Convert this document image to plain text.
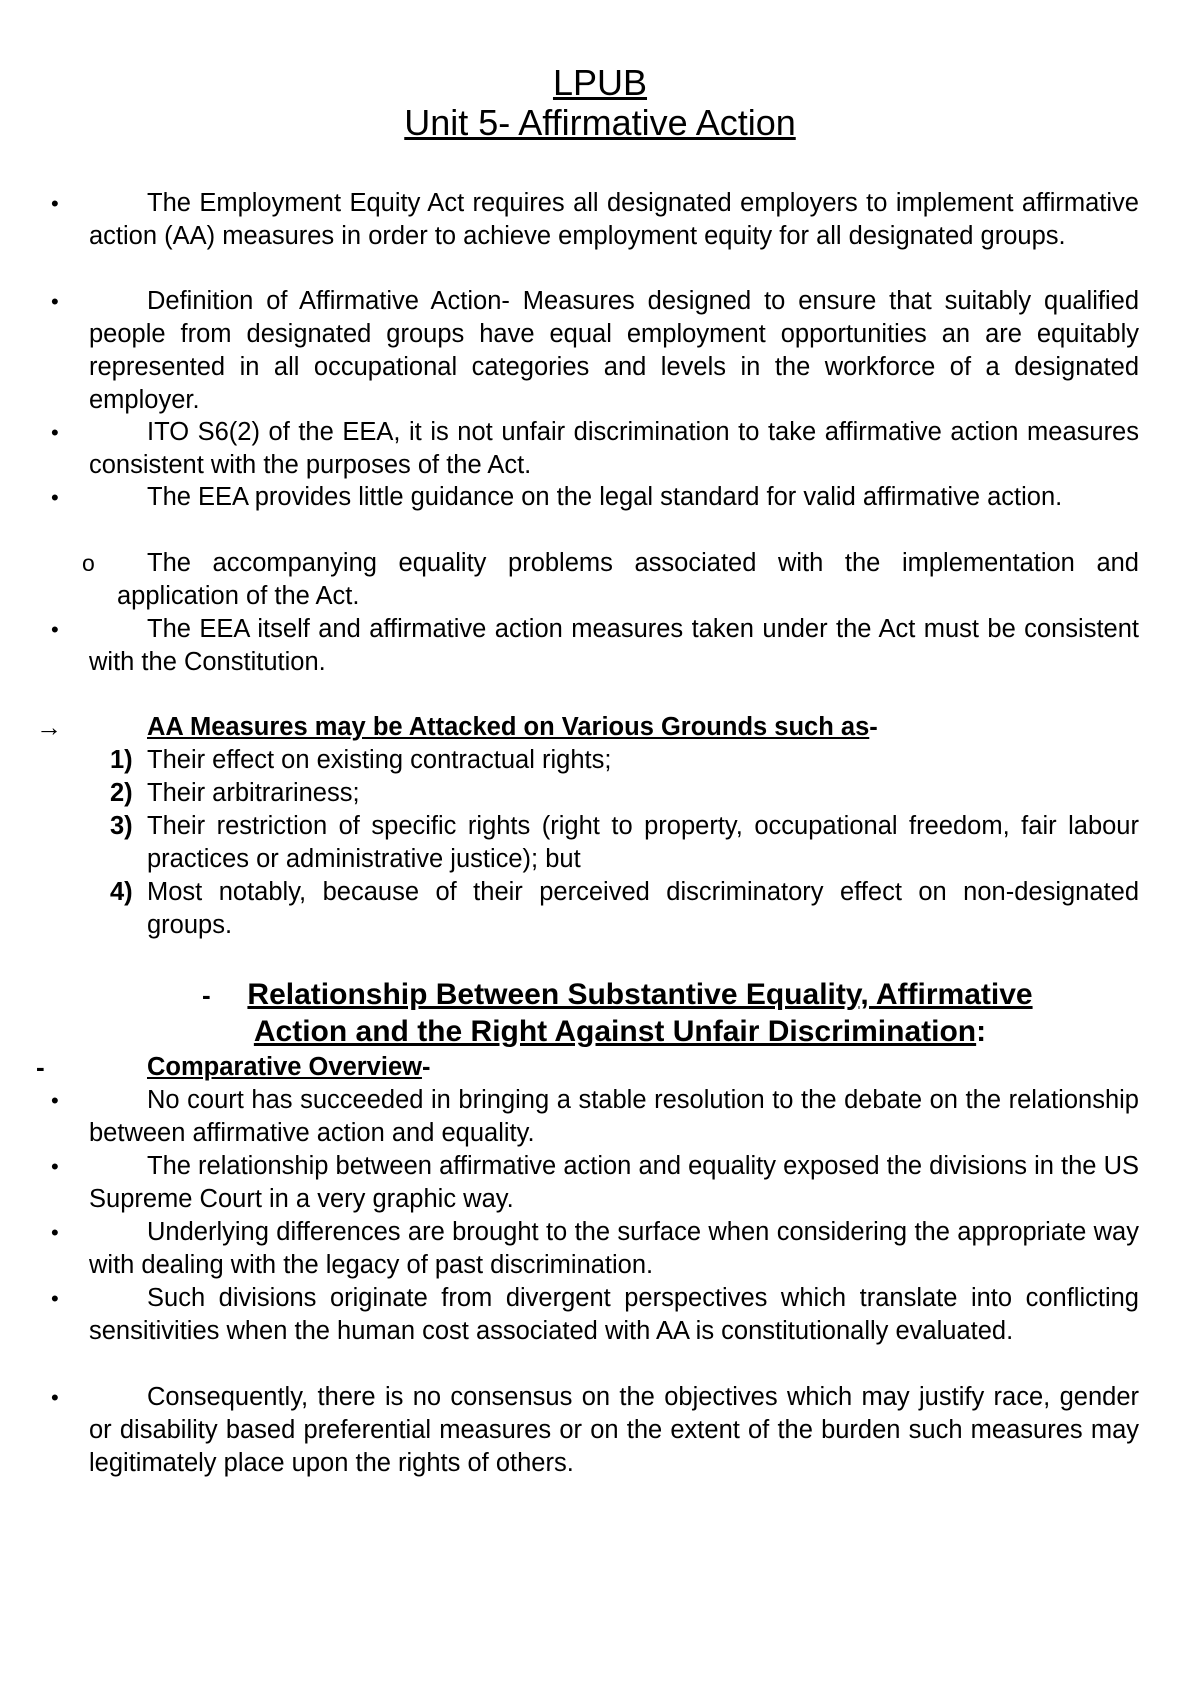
LPUB
Unit 5- Affirmative Action
•	The Employment Equity Act requires all designated employers to implement affirmative action (AA) measures in order to achieve employment equity for all designated groups.
•	Definition of Affirmative Action- Measures designed to ensure that suitably qualified people from designated groups have equal employment opportunities an are equitably represented in all occupational categories and levels in the workforce of a designated employer.
•	ITO S6(2) of the EEA, it is not unfair discrimination to take affirmative action measures consistent with the purposes of the Act.
•	The EEA provides little guidance on the legal standard for valid affirmative action.
o	The accompanying equality problems associated with the implementation and application of the Act.
•	The EEA itself and affirmative action measures taken under the Act must be consistent with the Constitution.
→	AA Measures may be Attacked on Various Grounds such as-
1) Their effect on existing contractual rights;
2) Their arbitrariness;
3) Their restriction of specific rights (right to property, occupational freedom, fair labour practices or administrative justice); but
4) Most notably, because of their perceived discriminatory effect on non-designated groups.
-	Relationship Between Substantive Equality, Affirmative
Action and the Right Against Unfair Discrimination:
-	Comparative Overview-
•	No court has succeeded in bringing a stable resolution to the debate on the relationship between affirmative action and equality.
•	The relationship between affirmative action and equality exposed the divisions in the US Supreme Court in a very graphic way.
•	Underlying differences are brought to the surface when considering the appropriate way with dealing with the legacy of past discrimination.
•	Such divisions originate from divergent perspectives which translate into conflicting sensitivities when the human cost associated with AA is constitutionally evaluated.
•	Consequently, there is no consensus on the objectives which may justify race, gender or disability based preferential measures or on the extent of the burden such measures may legitimately place upon the rights of others.
